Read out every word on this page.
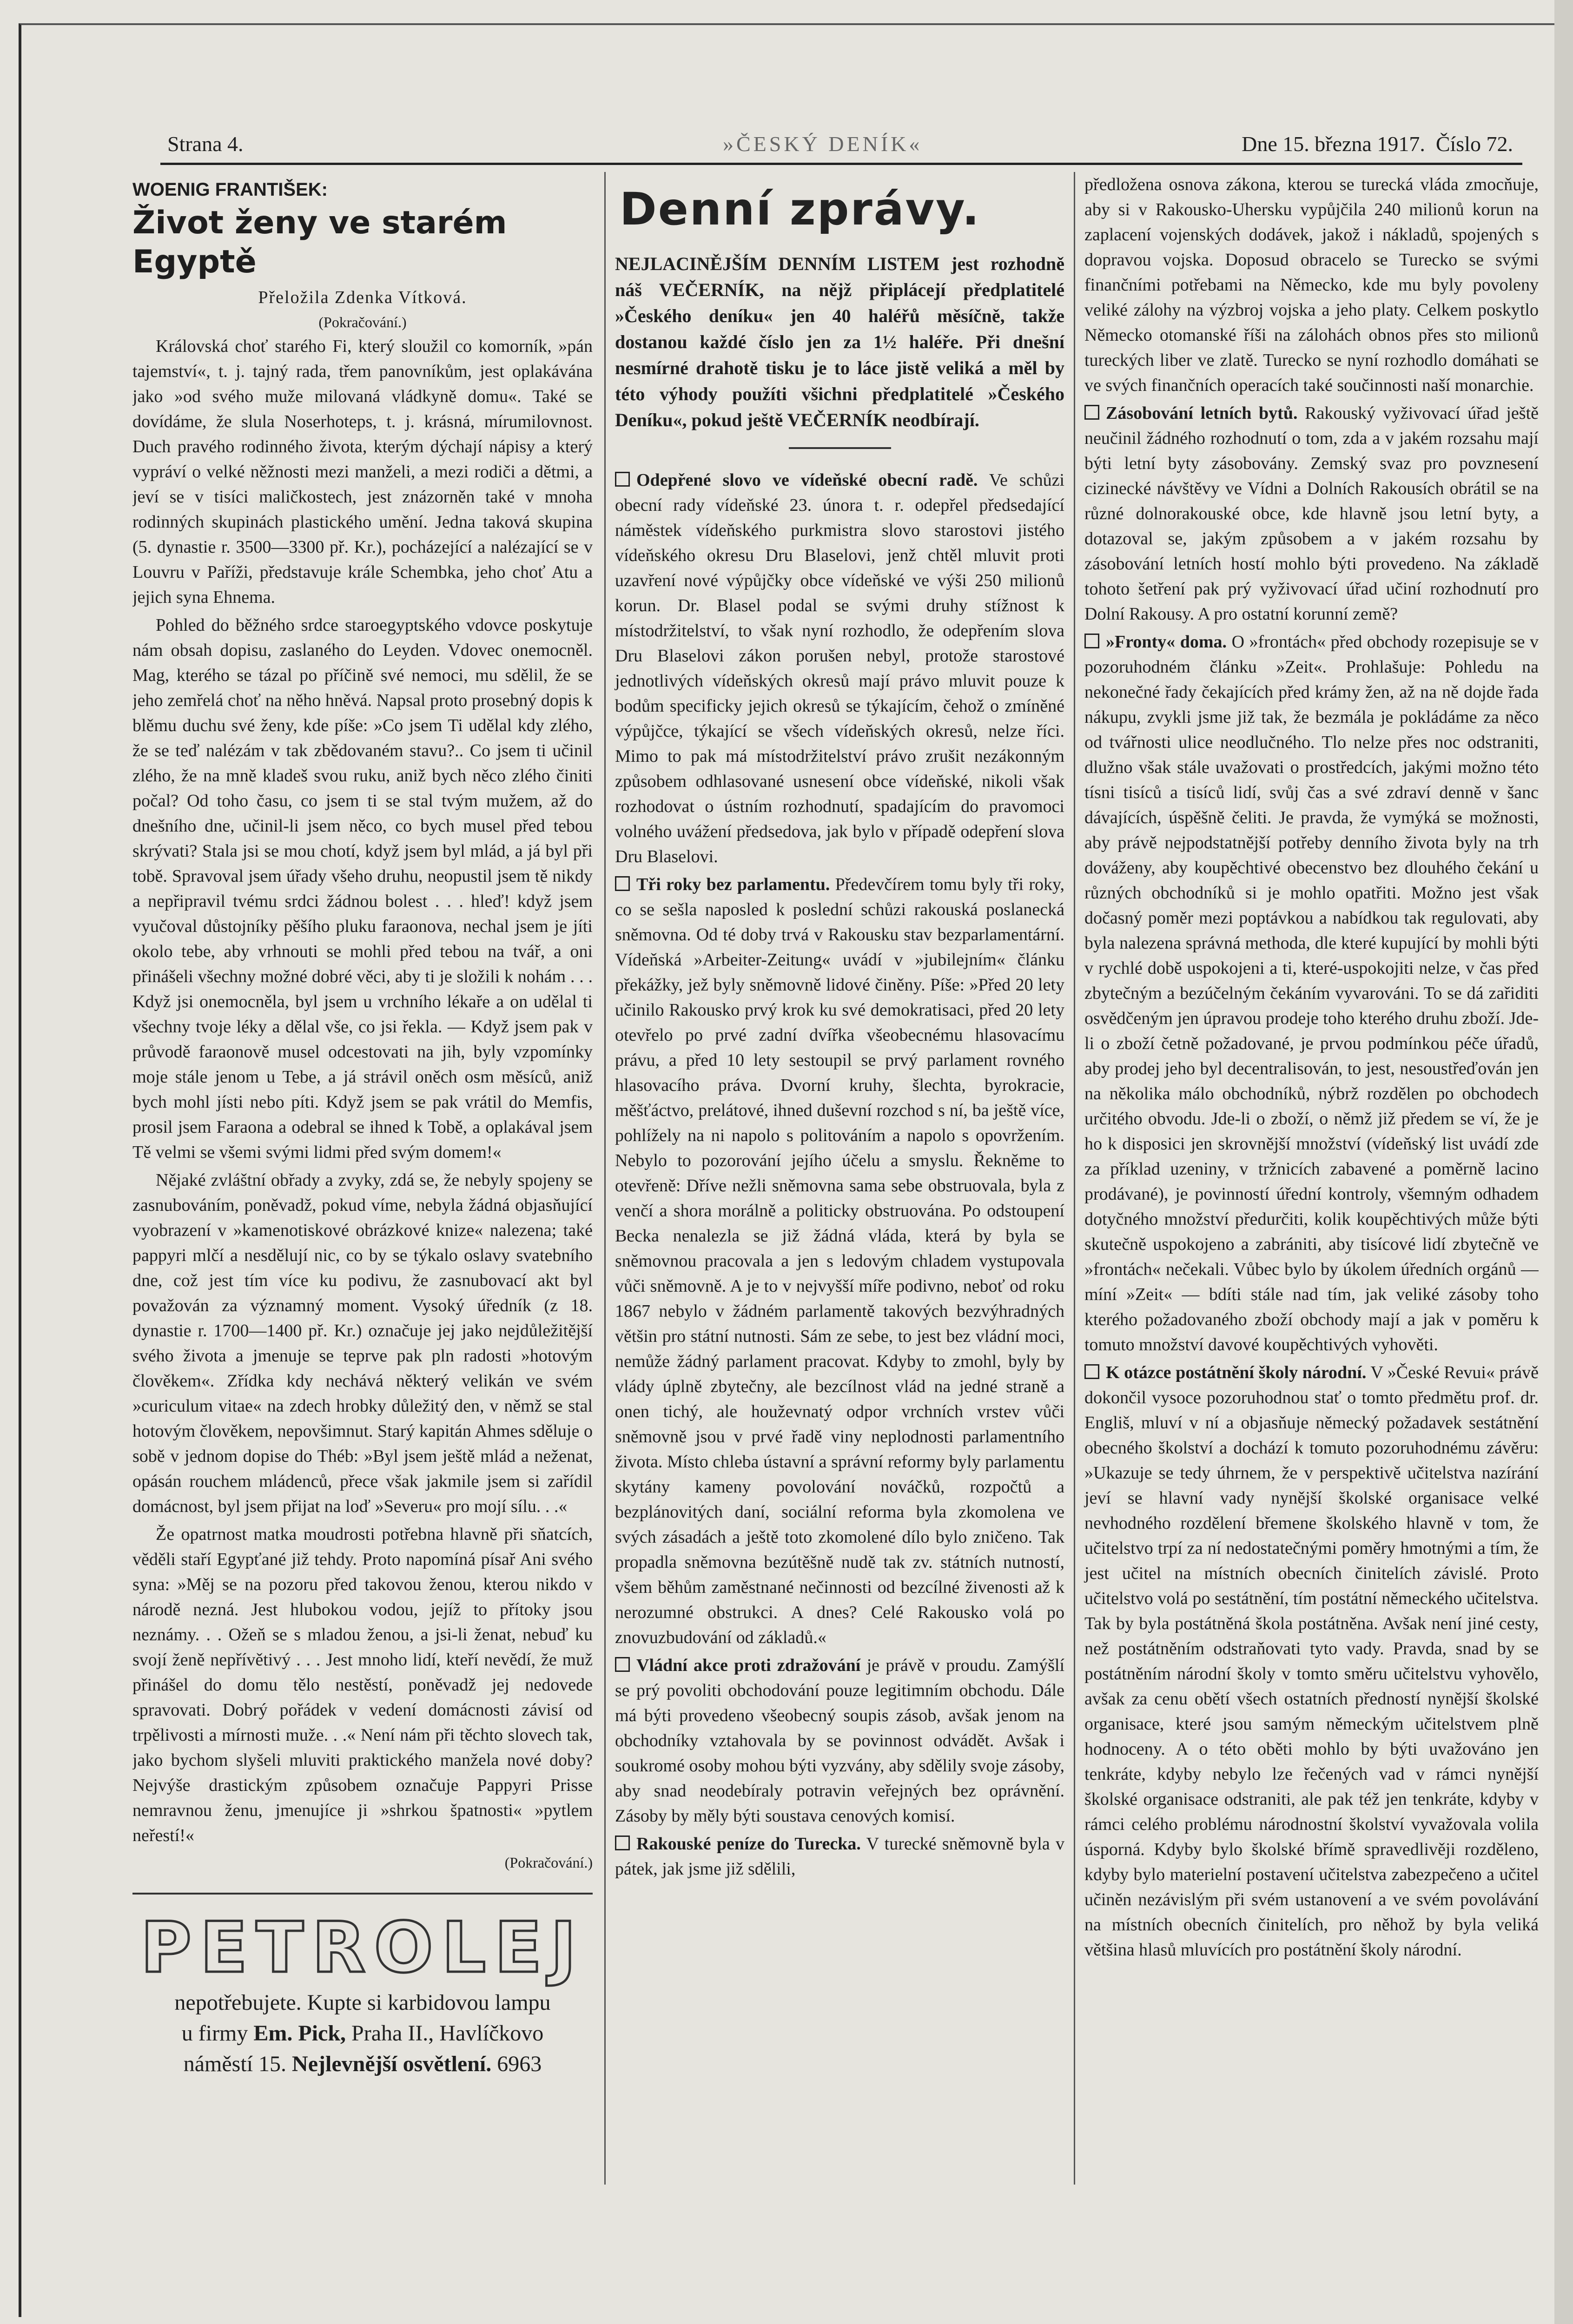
Strana 4.	»ČESKÝ DENÍK«	Dne 15. března 1917. Číslo 72.
WOENIG FRANTIŠEK:
Život ženy ve starém Egyptě
Přeložila Zdenka Vítková.
(Pokračování.)

Královská choť starého Fi, který sloužil co komorník, »pán tajemství«, t. j. tajný rada, třem panovníkům, jest oplakávána jako »od svého muže milovaná vládkyně domu«. Také se dovídáme, že slula Noserhoteps, t. j. krásná, mírumilovnost. Duch pravého rodinného života, kterým dýchají nápisy a který vypráví o velké něžnosti mezi manželi, a mezi rodiči a dětmi, a jeví se v tisíci maličkostech, jest znázorněn také v mnoha rodinných skupinách plastického umění. Jedna taková skupina (5. dynastie r. 3500—3300 př. Kr.), pocházející a nalézající se v Louvru v Paříži, představuje krále Schembka, jeho choť Atu a jejich syna Ehnema.

Pohled do běžného srdce staroegyptského vdovce poskytuje nám obsah dopisu, zaslaného do Leyden. Vdovec onemocněl. Mag, kterého se tázal po příčině své nemoci, mu sdělil, že se jeho zemřelá choť na něho hněvá. Napsal proto prosebný dopis k blěmu duchu své ženy, kde píše: »Co jsem Ti udělal kdy zlého, že se teď nalézám v tak zbědovaném stavu?.. Co jsem ti učinil zlého, že na mně kladeš svou ruku, aniž bych něco zlého činiti počal? Od toho času, co jsem ti se stal tvým mužem, až do dnešního dne, učinil-li jsem něco, co bych musel před tebou skrývati? Stala jsi se mou chotí, když jsem byl mlád, a já byl při tobě. Spravoval jsem úřady všeho druhu, neopustil jsem tě nikdy a nepřipravil tvému srdci žádnou bolest . . . hleď! když jsem vyučoval důstojníky pěšího pluku faraonova, nechal jsem je jíti okolo tebe, aby vrhnouti se mohli před tebou na tvář, a oni přinášeli všechny možné dobré věci, aby ti je složili k nohám . . . Když jsi onemocněla, byl jsem u vrchního lékaře a on udělal ti všechny tvoje léky a dělal vše, co jsi řekla. — Když jsem pak v průvodě faraonově musel odcestovati na jih, byly vzpomínky moje stále jenom u Tebe, a já strávil oněch osm měsíců, aniž bych mohl jísti nebo píti. Když jsem se pak vrátil do Memfis, prosil jsem Faraona a odebral se ihned k Tobě, a oplakával jsem Tě velmi se všemi svými lidmi před svým domem!«

Nějaké zvláštní obřady a zvyky, zdá se, že nebyly spojeny se zasnubováním, poněvadž, pokud víme, nebyla žádná objasňující vyobrazení v »kamenotiskové obrázkové knize« nalezena; také pappyri mlčí a nesdělují nic, co by se týkalo oslavy svatebního dne, což jest tím více ku podivu, že zasnubovací akt byl považován za významný moment. Vysoký úředník (z 18. dynastie r. 1700—1400 př. Kr.) označuje jej jako nejdůležitější svého života a jmenuje se teprve pak pln radosti »hotovým člověkem«. Zřídka kdy nechává některý velikán ve svém »curiculum vitae« na zdech hrobky důležitý den, v němž se stal hotovým člověkem, nepovšimnut. Starý kapitán Ahmes sděluje o sobě v jednom dopise do Théb: »Byl jsem ještě mlád a neženat, opásán rouchem mládenců, přece však jakmile jsem si zařídil domácnost, byl jsem přijat na loď »Severu« pro mojí sílu. . .«

Že opatrnost matka moudrosti potřebna hlavně při sňatcích, věděli staří Egypťané již tehdy. Proto napomíná písař Ani svého syna: »Měj se na pozoru před takovou ženou, kterou nikdo v národě nezná. Jest hlubokou vodou, jejíž to přítoky jsou neznámy. . . Ožeň se s mladou ženou, a jsi-li ženat, nebuď ku svojí ženě nepřívětivý . . . Jest mnoho lidí, kteří nevědí, že muž přinášel do domu tělo nestěstí, poněvadž jej nedovede spravovati. Dobrý pořádek v vedení domácnosti závisí od trpělivosti a mírnosti muže. . .« Není nám při těchto slovech tak, jako bychom slyšeli mluviti praktického manžela nové doby? Nejvýše drastickým způsobem označuje Pappyri Prisse nemravnou ženu, jmenujíce ji »shrkou špatnosti« »pytlem neřestí!«

(Pokračování.)
PETROLEJ
nepotřebujete. Kupte si karbidovou lampu
u firmy Em. Pick, Praha II., Havlíčkovo
náměstí 15. Nejlevnější osvětlení. 6963
Denní zprávy.
NEJLACINĚJŠÍM DENNÍM LISTEM jest rozhodně náš VEČERNÍK, na nějž připlácejí předplatitelé »Českého deníku« jen 40 haléřů měsíčně, takže dostanou každé číslo jen za 1½ haléře. Při dnešní nesmírné drahotě tisku je to láce jistě veliká a měl by této výhody použíti všichni předplatitelé »Českého Deníku«, pokud ještě VEČERNÍK neodbírají.

Odepřené slovo ve vídeňské obecní radě. Ve schůzi obecní rady vídeňské 23. února t. r. odepřel předsedající náměstek vídeňského purkmistra slovo starostovi jistého vídeňského okresu Dru Blaselovi, jenž chtěl mluvit proti uzavření nové výpůjčky obce vídeňské ve výši 250 milionů korun. Dr. Blasel podal se svými druhy stížnost k místodržitelství, to však nyní rozhodlo, že odepřením slova Dru Blaselovi zákon porušen nebyl, protože starostové jednotlivých vídeňských okresů mají právo mluvit pouze k bodům specificky jejich okresů se týkajícím, čehož o zmíněné výpůjčce, týkající se všech vídeňských okresů, nelze říci. Mimo to pak má místodržitelství právo zrušit nezákonným způsobem odhlasované usnesení obce vídeňské, nikoli však rozhodovat o ústním rozhodnutí, spadajícím do pravomoci volného uvážení předsedova, jak bylo v případě odepření slova Dru Blaselovi.

Tři roky bez parlamentu. Předevčírem tomu byly tři roky, co se sešla naposled k poslední schůzi rakouská poslanecká sněmovna. Od té doby trvá v Rakousku stav bezparlamentární. Vídeňská »Arbeiter-Zeitung« uvádí v »jubilejním« článku překážky, jež byly sněmovně lidové činěny. Píše: »Před 20 lety učinilo Rakousko prvý krok ku své demokratisaci, před 20 lety otevřelo po prvé zadní dvířka všeobecnému hlasovacímu právu, a před 10 lety sestoupil se prvý parlament rovného hlasovacího práva. Dvorní kruhy, šlechta, byrokracie, měšťáctvo, prelátové, ihned duševní rozchod s ní, ba ještě více, pohlížely na ni napolo s politováním a napolo s opovržením. Nebylo to pozorování jejího účelu a smyslu. Řekněme to otevřeně: Dříve nežli sněmovna sama sebe obstruovala, byla z venčí a shora morálně a politicky obstruována. Po odstoupení Becka nenalezla se již žádná vláda, která by byla se sněmovnou pracovala a jen s ledovým chladem vystupovala vůči sněmovně. A je to v nejvyšší míře podivno, neboť od roku 1867 nebylo v žádném parlamentě takových bezvýhradných většin pro státní nutnosti. Sám ze sebe, to jest bez vládní moci, nemůže žádný parlament pracovat. Kdyby to zmohl, byly by vlády úplně zbytečny, ale bezcílnost vlád na jedné straně a onen tichý, ale houževnatý odpor vrchních vrstev vůči sněmovně jsou v prvé řadě viny neplodnosti parlamentního života. Místo chleba ústavní a správní reformy byly parlamentu skytány kameny povolování nováčků, rozpočtů a bezplánovitých daní, sociální reforma byla zkomolena ve svých zásadách a ještě toto zkomolené dílo bylo zničeno. Tak propadla sněmovna bezútěšně nudě tak zv. státních nutností, všem běhům zaměstnané nečinnosti od bezcílné živenosti až k nerozumné obstrukci. A dnes? Celé Rakousko volá po znovuzbudování od základů.«

Vládní akce proti zdražování je právě v proudu. Zamýšlí se prý povoliti obchodování pouze legitimním obchodu. Dále má býti provedeno všeobecný soupis zásob, avšak jenom na obchodníky vztahovala by se povinnost odvádět. Avšak i soukromé osoby mohou býti vyzvány, aby sdělily svoje zásoby, aby snad neodebíraly potravin veřejných bez oprávnění. Zásoby by měly býti soustava cenových komisí.

Rakouské peníze do Turecka. V turecké sněmovně byla v pátek, jak jsme již sdělili,

předložena osnova zákona, kterou se turecká vláda zmocňuje, aby si v Rakousko-Uhersku vypůjčila 240 milionů korun na zaplacení vojenských dodávek, jakož i nákladů, spojených s dopravou vojska. Doposud obracelo se Turecko se svými finančními potřebami na Německo, kde mu byly povoleny veliké zálohy na výzbroj vojska a jeho platy. Celkem poskytlo Německo otomanské říši na zálohách obnos přes sto milionů tureckých liber ve zlatě. Turecko se nyní rozhodlo domáhati se ve svých finančních operacích také součinnosti naší monarchie.

Zásobování letních bytů. Rakouský vyživovací úřad ještě neučinil žádného rozhodnutí o tom, zda a v jakém rozsahu mají býti letní byty zásobovány. Zemský svaz pro povznesení cizinecké návštěvy ve Vídni a Dolních Rakousích obrátil se na různé dolnorakouské obce, kde hlavně jsou letní byty, a dotazoval se, jakým způsobem a v jakém rozsahu by zásobování letních hostí mohlo býti provedeno. Na základě tohoto šetření pak prý vyživovací úřad učiní rozhodnutí pro Dolní Rakousy. A pro ostatní korunní země?

»Fronty« doma. O »frontách« před obchody rozepisuje se v pozoruhodném článku »Zeit«. Prohlašuje: Pohledu na nekonečné řady čekajících před krámy žen, až na ně dojde řada nákupu, zvykli jsme již tak, že bezmála je pokládáme za něco od tvářnosti ulice neodlučného. Tlo nelze přes noc odstraniti, dlužno však stále uvažovati o prostředcích, jakými možno této tísni tisíců a tisíců lidí, svůj čas a své zdraví denně v šanc dávajících, úspěšně čeliti. Je pravda, že vymýká se možnosti, aby právě nejpodstatnější potřeby denního života byly na trh dováženy, aby koupěchtivé obecenstvo bez dlouhého čekání u různých obchodníků si je mohlo opatřiti. Možno jest však dočasný poměr mezi poptávkou a nabídkou tak regulovati, aby byla nalezena správná methoda, dle které kupující by mohli býti v rychlé době uspokojeni a ti, které-uspokojiti nelze, v čas před zbytečným a bezúčelným čekáním vyvarováni. To se dá zařiditi osvědčeným jen úpravou prodeje toho kterého druhu zboží. Jde-li o zboží četně požadované, je prvou podmínkou péče úřadů, aby prodej jeho byl decentralisován, to jest, nesoustřeďován jen na několika málo obchodníků, nýbrž rozdělen po obchodech určitého obvodu. Jde-li o zboží, o němž již předem se ví, že je ho k disposici jen skrovnější množství (vídeňský list uvádí zde za příklad uzeniny, v tržnicích zabavené a poměrně lacino prodávané), je povinností úřední kontroly, všemným odhadem dotyčného množství předurčiti, kolik koupěchtivých může býti skutečně uspokojeno a zabrániti, aby tisícové lidí zbytečně ve »frontách« nečekali. Vůbec bylo by úkolem úředních orgánů — míní »Zeit« — bdíti stále nad tím, jak veliké zásoby toho kterého požadovaného zboží obchody mají a jak v poměru k tomuto množství davové koupěchtivých vyhověti.

K otázce postátnění školy národní. V »České Revui« právě dokončil vysoce pozoruhodnou stať o tomto předmětu prof. dr. Engliš, mluví v ní a objasňuje německý požadavek sestátnění obecného školství a dochází k tomuto pozoruhodnému závěru: »Ukazuje se tedy úhrnem, že v perspektivě učitelstva nazírání jeví se hlavní vady nynější školské organisace velké nevhodného rozdělení břemene školského hlavně v tom, že učitelstvo trpí za ní nedostatečnými poměry hmotnými a tím, že jest učitel na místních obecních činitelích závislé. Proto učitelstvo volá po sestátnění, tím postátní německého učitelstva. Tak by byla postátněná škola postátněna. Avšak není jiné cesty, než postátněním odstraňovati tyto vady. Pravda, snad by se postátněním národní školy v tomto směru učitelstvu vyhovělo, avšak za cenu obětí všech ostatních předností nynější školské organisace, které jsou samým německým učitelstvem plně hodnoceny. A o této oběti mohlo by býti uvažováno jen tenkráte, kdyby nebylo lze řečených vad v rámci nynější školské organisace odstraniti, ale pak též jen tenkráte, kdyby v rámci celého problému národnostní školství vyvažovala volila úsporná. Kdyby bylo školské břímě spravedlivěji rozděleno, kdyby bylo materielní postavení učitelstva zabezpečeno a učitel učiněn nezávislým při svém ustanovení a ve svém povolávání na místních obecních činitelích, pro něhož by byla veliká většina hlasů mluvících pro postátnění školy národní.
